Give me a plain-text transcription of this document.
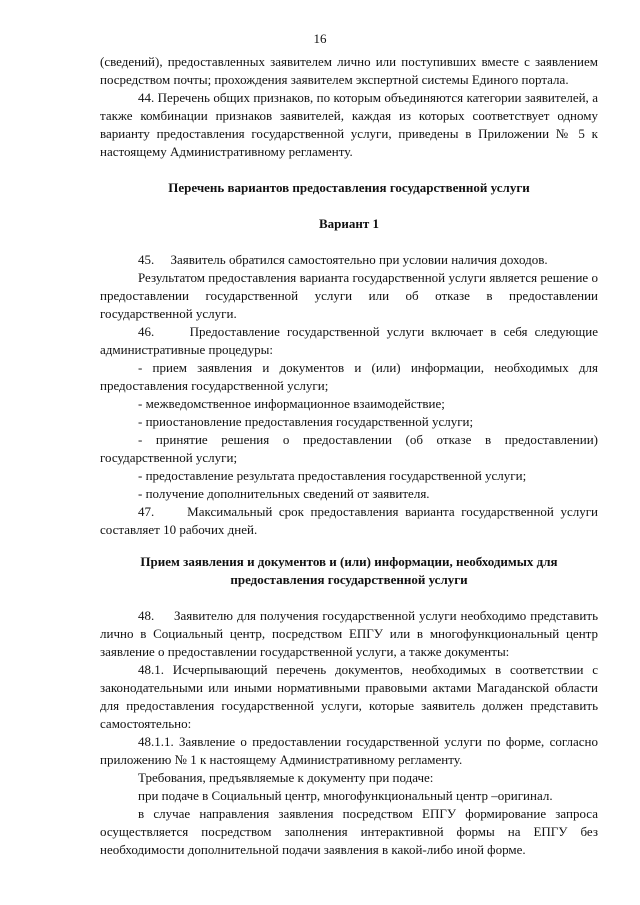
16

(сведений), предоставленных заявителем лично или поступивших вместе с заявлением посредством почты; прохождения заявителем экспертной системы Единого портала.

44. Перечень общих признаков, по которым объединяются категории заявителей, а также комбинации признаков заявителей, каждая из которых соответствует одному варианту предоставления государственной услуги, приведены в Приложении № 5 к настоящему Административному регламенту.

Перечень вариантов предоставления государственной услуги

Вариант 1

45.     Заявитель обратился самостоятельно при условии наличия доходов.

Результатом предоставления варианта государственной услуги является решение о предоставлении государственной услуги или об отказе в предоставлении государственной услуги.

46.     Предоставление государственной услуги включает в себя следующие административные процедуры:

- прием заявления и документов и (или) информации, необходимых для предоставления государственной услуги;

- межведомственное информационное взаимодействие;

- приостановление предоставления государственной услуги;

- принятие решения о предоставлении (об отказе в предоставлении) государственной услуги;

- предоставление результата предоставления государственной услуги;

- получение дополнительных сведений от заявителя.

47.     Максимальный срок предоставления варианта государственной услуги составляет 10 рабочих дней.

Прием заявления и документов и (или) информации, необходимых для

предоставления государственной услуги

48.     Заявителю для получения государственной услуги необходимо представить лично в Социальный центр, посредством ЕПГУ или в многофункциональный центр заявление о предоставлении государственной услуги, а также документы:

48.1. Исчерпывающий перечень документов, необходимых в соответствии с законодательными или иными нормативными правовыми актами Магаданской области для предоставления государственной услуги, которые заявитель должен представить самостоятельно:

48.1.1. Заявление о предоставлении государственной услуги по форме, согласно приложению № 1 к настоящему Административному регламенту.

Требования, предъявляемые к документу при подаче:

при подаче в Социальный центр, многофункциональный центр –оригинал.

в случае направления заявления посредством ЕПГУ формирование запроса осуществляется посредством заполнения интерактивной формы на ЕПГУ без необходимости дополнительной подачи заявления в какой-либо иной форме.
